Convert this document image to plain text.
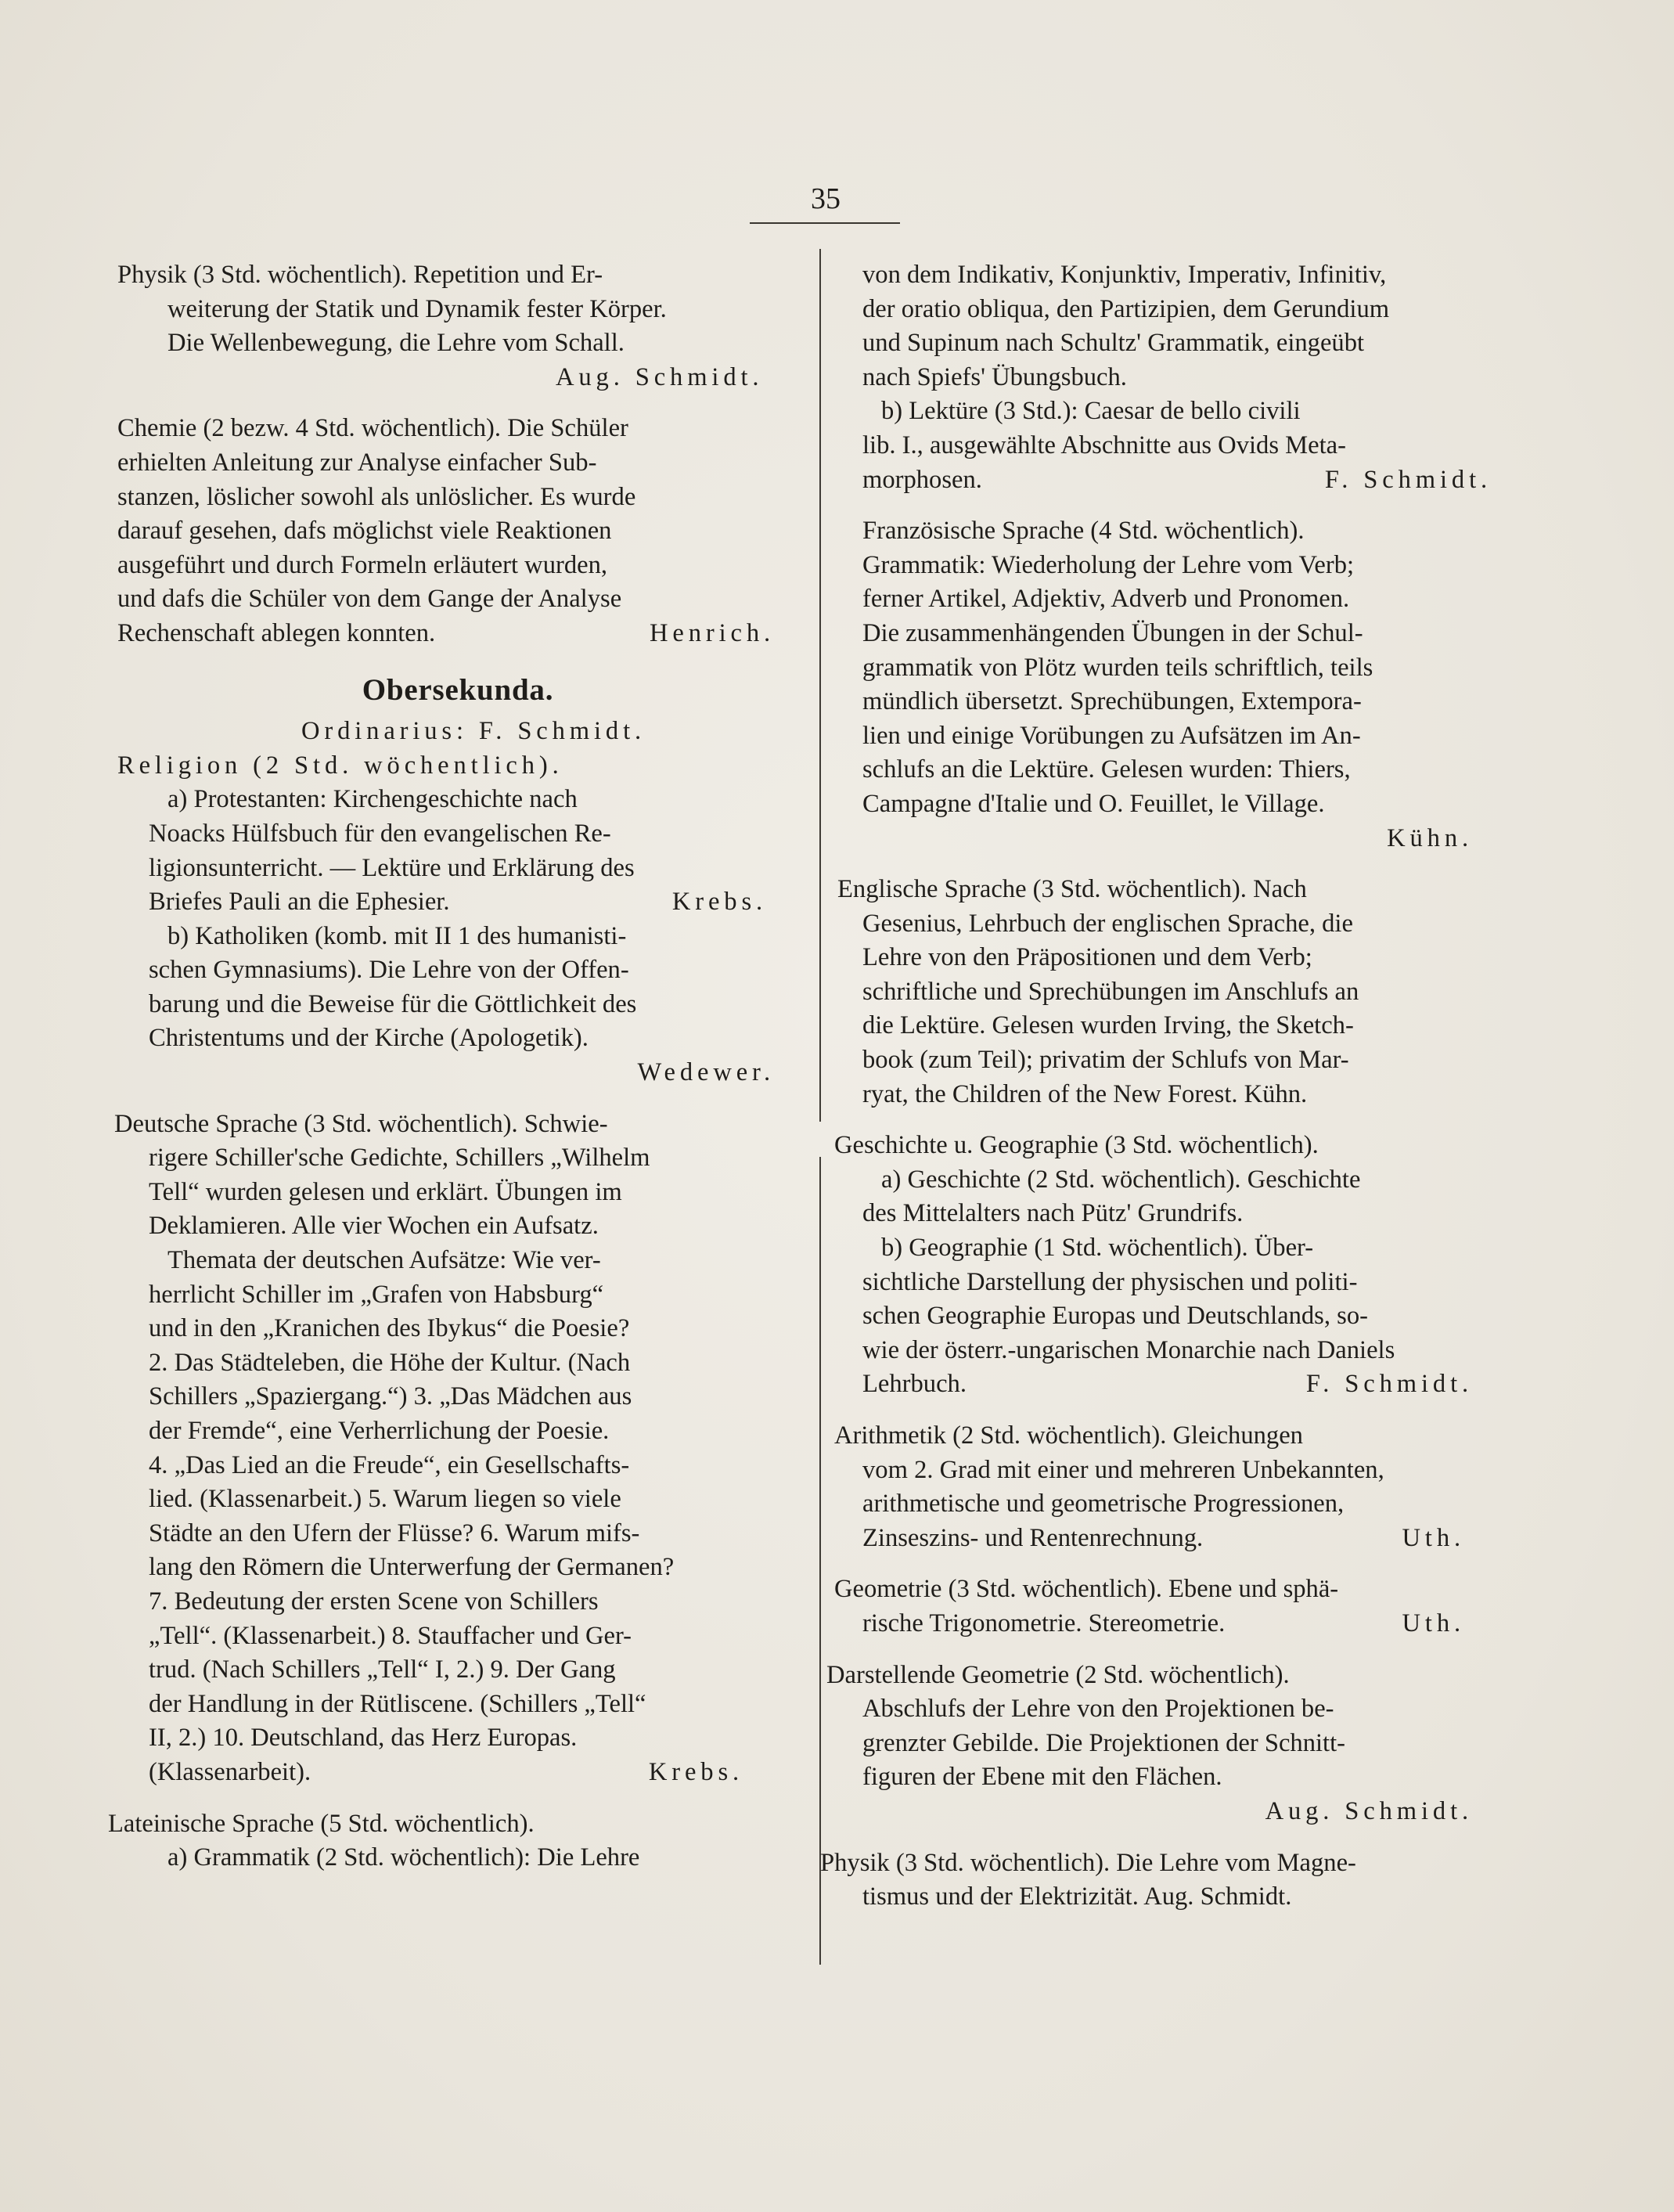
35
Physik (3 Std. wöchentlich). Repetition und Er-
weiterung der Statik und Dynamik fester Körper.
Die Wellenbewegung, die Lehre vom Schall.
Aug. Schmidt.
Chemie (2 bezw. 4 Std. wöchentlich). Die Schüler
erhielten Anleitung zur Analyse einfacher Sub-
stanzen, löslicher sowohl als unlöslicher. Es wurde
darauf gesehen, dafs möglichst viele Reaktionen
ausgeführt und durch Formeln erläutert wurden,
und dafs die Schüler von dem Gange der Analyse
Rechenschaft ablegen konnten.	Henrich.
Obersekunda.
Ordinarius: F. Schmidt.
Religion (2 Std. wöchentlich).
a) Protestanten: Kirchengeschichte nach
Noacks Hülfsbuch für den evangelischen Re-
ligionsunterricht. — Lektüre und Erklärung des
Briefes Pauli an die Ephesier.	Krebs.
b) Katholiken (komb. mit II 1 des humanisti-
schen Gymnasiums). Die Lehre von der Offen-
barung und die Beweise für die Göttlichkeit des
Christentums und der Kirche (Apologetik).
Wedewer.
Deutsche Sprache (3 Std. wöchentlich). Schwie-
rigere Schiller'sche Gedichte, Schillers „Wilhelm
Tell“ wurden gelesen und erklärt. Übungen im
Deklamieren. Alle vier Wochen ein Aufsatz.
Themata der deutschen Aufsätze: Wie ver-
herrlicht Schiller im „Grafen von Habsburg“
und in den „Kranichen des Ibykus“ die Poesie?
2. Das Städteleben, die Höhe der Kultur. (Nach
Schillers „Spaziergang.“) 3. „Das Mädchen aus
der Fremde“, eine Verherrlichung der Poesie.
4. „Das Lied an die Freude“, ein Gesellschafts-
lied. (Klassenarbeit.) 5. Warum liegen so viele
Städte an den Ufern der Flüsse? 6. Warum mifs-
lang den Römern die Unterwerfung der Germanen?
7. Bedeutung der ersten Scene von Schillers
„Tell“. (Klassenarbeit.) 8. Stauffacher und Ger-
trud. (Nach Schillers „Tell“ I, 2.) 9. Der Gang
der Handlung in der Rütliscene. (Schillers „Tell“
II, 2.) 10. Deutschland, das Herz Europas.
(Klassenarbeit).	Krebs.
Lateinische Sprache (5 Std. wöchentlich).
a) Grammatik (2 Std. wöchentlich): Die Lehre
von dem Indikativ, Konjunktiv, Imperativ, Infinitiv,
der oratio obliqua, den Partizipien, dem Gerundium
und Supinum nach Schultz' Grammatik, eingeübt
nach Spiefs' Übungsbuch.
b) Lektüre (3 Std.): Caesar de bello civili
lib. I., ausgewählte Abschnitte aus Ovids Meta-
morphosen.	F. Schmidt.
Französische Sprache (4 Std. wöchentlich).
Grammatik: Wiederholung der Lehre vom Verb;
ferner Artikel, Adjektiv, Adverb und Pronomen.
Die zusammenhängenden Übungen in der Schul-
grammatik von Plötz wurden teils schriftlich, teils
mündlich übersetzt. Sprechübungen, Extempora-
lien und einige Vorübungen zu Aufsätzen im An-
schlufs an die Lektüre. Gelesen wurden: Thiers,
Campagne d'Italie und O. Feuillet, le Village.
Kühn.
Englische Sprache (3 Std. wöchentlich). Nach
Gesenius, Lehrbuch der englischen Sprache, die
Lehre von den Präpositionen und dem Verb;
schriftliche und Sprechübungen im Anschlufs an
die Lektüre. Gelesen wurden Irving, the Sketch-
book (zum Teil); privatim der Schlufs von Mar-
ryat, the Children of the New Forest. Kühn.
Geschichte u. Geographie (3 Std. wöchentlich).
a) Geschichte (2 Std. wöchentlich). Geschichte
des Mittelalters nach Pütz' Grundrifs.
b) Geographie (1 Std. wöchentlich). Über-
sichtliche Darstellung der physischen und politi-
schen Geographie Europas und Deutschlands, so-
wie der österr.-ungarischen Monarchie nach Daniels
Lehrbuch.	F. Schmidt.
Arithmetik (2 Std. wöchentlich). Gleichungen
vom 2. Grad mit einer und mehreren Unbekannten,
arithmetische und geometrische Progressionen,
Zinseszins- und Rentenrechnung.	Uth.
Geometrie (3 Std. wöchentlich). Ebene und sphä-
rische Trigonometrie. Stereometrie.	Uth.
Darstellende Geometrie (2 Std. wöchentlich).
Abschlufs der Lehre von den Projektionen be-
grenzter Gebilde. Die Projektionen der Schnitt-
figuren der Ebene mit den Flächen.
Aug. Schmidt.
Physik (3 Std. wöchentlich). Die Lehre vom Magne-
tismus und der Elektrizität. Aug. Schmidt.
